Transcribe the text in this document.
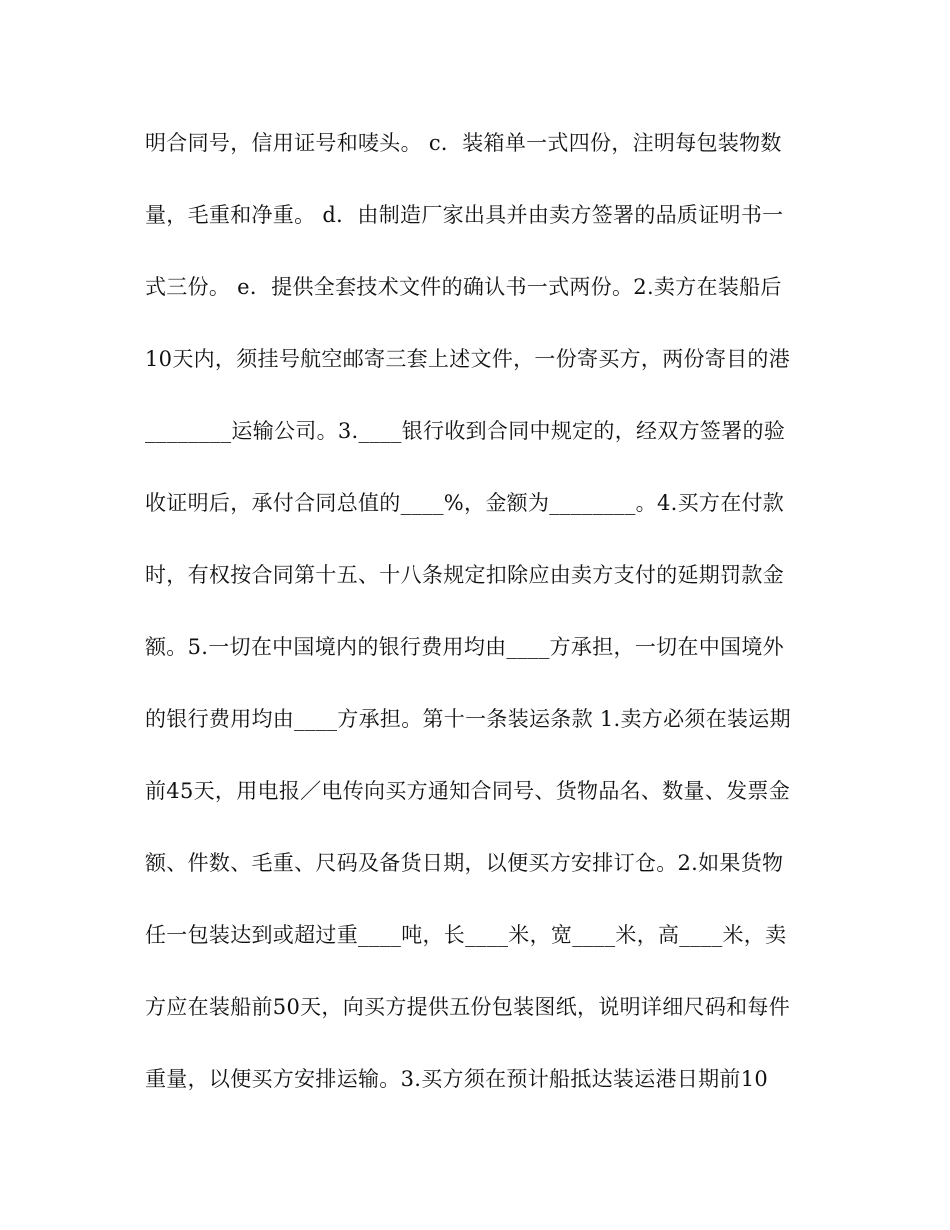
明合同号，信用证号和唛头。 c．装箱单一式四份，注明每包装物数
量，毛重和净重。 d．由制造厂家出具并由卖方签署的品质证明书一
式三份。 e．提供全套技术文件的确认书一式两份。2.卖方在装船后
10天内，须挂号航空邮寄三套上述文件，一份寄买方，两份寄目的港
________运输公司。3.____银行收到合同中规定的，经双方签署的验
收证明后，承付合同总值的____%，金额为________。4.买方在付款
时，有权按合同第十五、十八条规定扣除应由卖方支付的延期罚款金
额。5.一切在中国境内的银行费用均由____方承担，一切在中国境外
的银行费用均由____方承担。第十一条装运条款 1.卖方必须在装运期
前45天，用电报／电传向买方通知合同号、货物品名、数量、发票金
额、件数、毛重、尺码及备货日期，以便买方安排订仓。2.如果货物
任一包装达到或超过重____吨，长____米，宽____米，高____米，卖
方应在装船前50天，向买方提供五份包装图纸，说明详细尺码和每件
重量，以便买方安排运输。3.买方须在预计船抵达装运港日期前10
